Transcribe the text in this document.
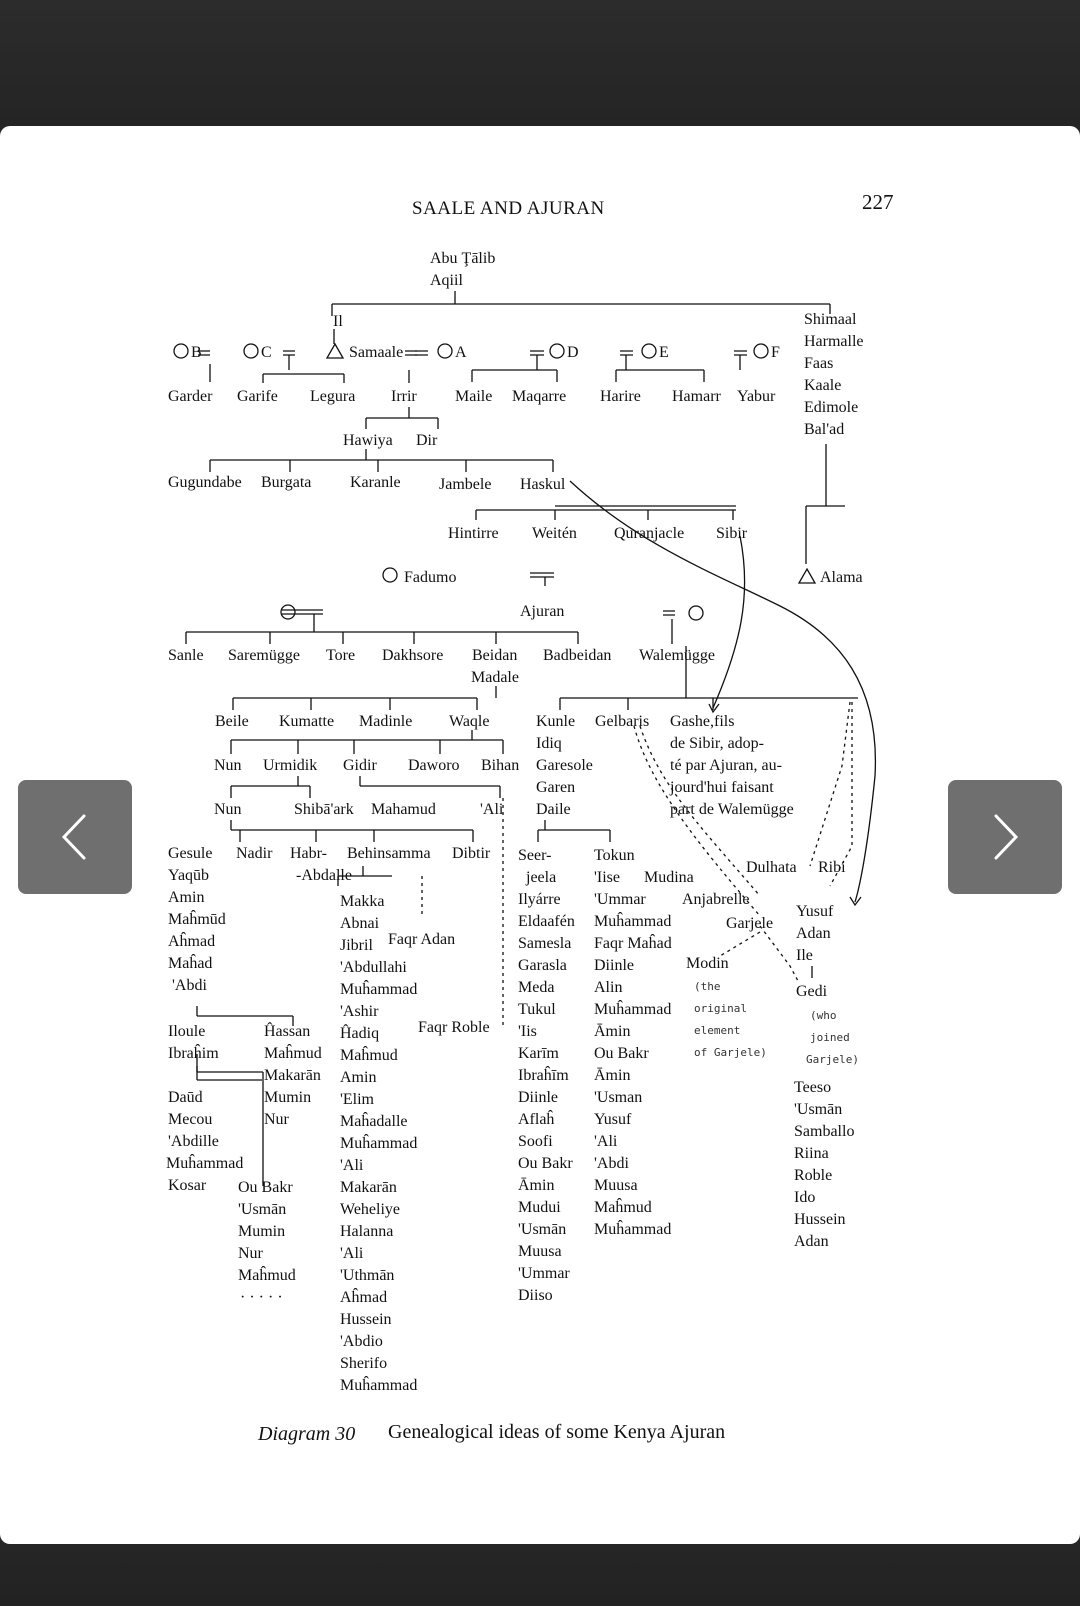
SAALE AND AJURAN	227
Abu Ţālib
Aqiil
Il
B	C	Samaale	A	D	E	F
Shimaal
Harmalle
Faas
Kaale
Edimole
Bal'ad
Garder Garife Legura Irrir Maile Maqarre Harire Hamarr Yabur
Hawiya Dir
Gugundabe Burgata Karanle Jambele Haskul
Hintirre Weitén Quranjacle Sibir
Fadumo	Alama
Ajuran
Sanle Saremügge Tore Dakhsore Beidan
Madale
Badbeidan Walemügge
Beile Kumatte Madinle Waqle
Nun Urmidik Gidir Daworo Bihan
Nun	Shibā'ark Mahamud	'Ali
Kunle
Idiq
Garesole
Garen
Daile
Gelbaris Gashe,fils
de Sibir, adop-
té par Ajuran, au-
jourd'hui faisant
part de Walemügge
Gesule
Yaqūb
Amin
Maĥmūd
Aĥmad
Maĥad
'Abdi
Nadir Habr-
-Abdalle
Behinsamma Dibtir
Makka
Abnai
Jibril
'Abdullahi
Muĥammad
'Ashir
Ĥadiq
Maĥmud
Amin
'Elim
Maĥadalle
Muĥammad
'Ali
Makarān
Weheliye
Halanna
'Ali
'Uthmān
Aĥmad
Hussein
'Abdio
Sherifo
Muĥammad
Faqr Adan
Faqr Roble
Iloule
Ibraĥim
Ĥassan
Maĥmud
Makarān
Mumin
Nur
Daūd
Mecou
'Abdille
Muĥammad
Kosar Ou Bakr
'Usmān
Mumin
Nur
Maĥmud
· · · · ·
Seer-
jeela
Ilyárre
Eldaafén
Samesla
Garasla
Meda
Tukul
'Iis
Karīm
Ibraĥīm
Diinle
Aflaĥ
Soofi
Ou Bakr
Āmin
Mudui
'Usmān
Muusa
'Ummar
Diiso
Tokun
'Iise
'Ummar
Muĥammad
Faqr Maĥad
Diinle
Alin
Muĥammad
Āmin
Ou Bakr
Āmin
'Usman
Yusuf
'Ali
'Abdi
Muusa
Maĥmud
Muĥammad
Mudina
Anjabrelle
Garjele
Modin
(the
original
element
of Garjele)
Dulhata Ribi
Yusuf
Adan
Ile
Gedi
(who
joined
Garjele)
Teeso
'Usmān
Samballo
Riina
Roble
Ido
Hussein
Adan
Diagram 30 Genealogical ideas of some Kenya Ajuran
